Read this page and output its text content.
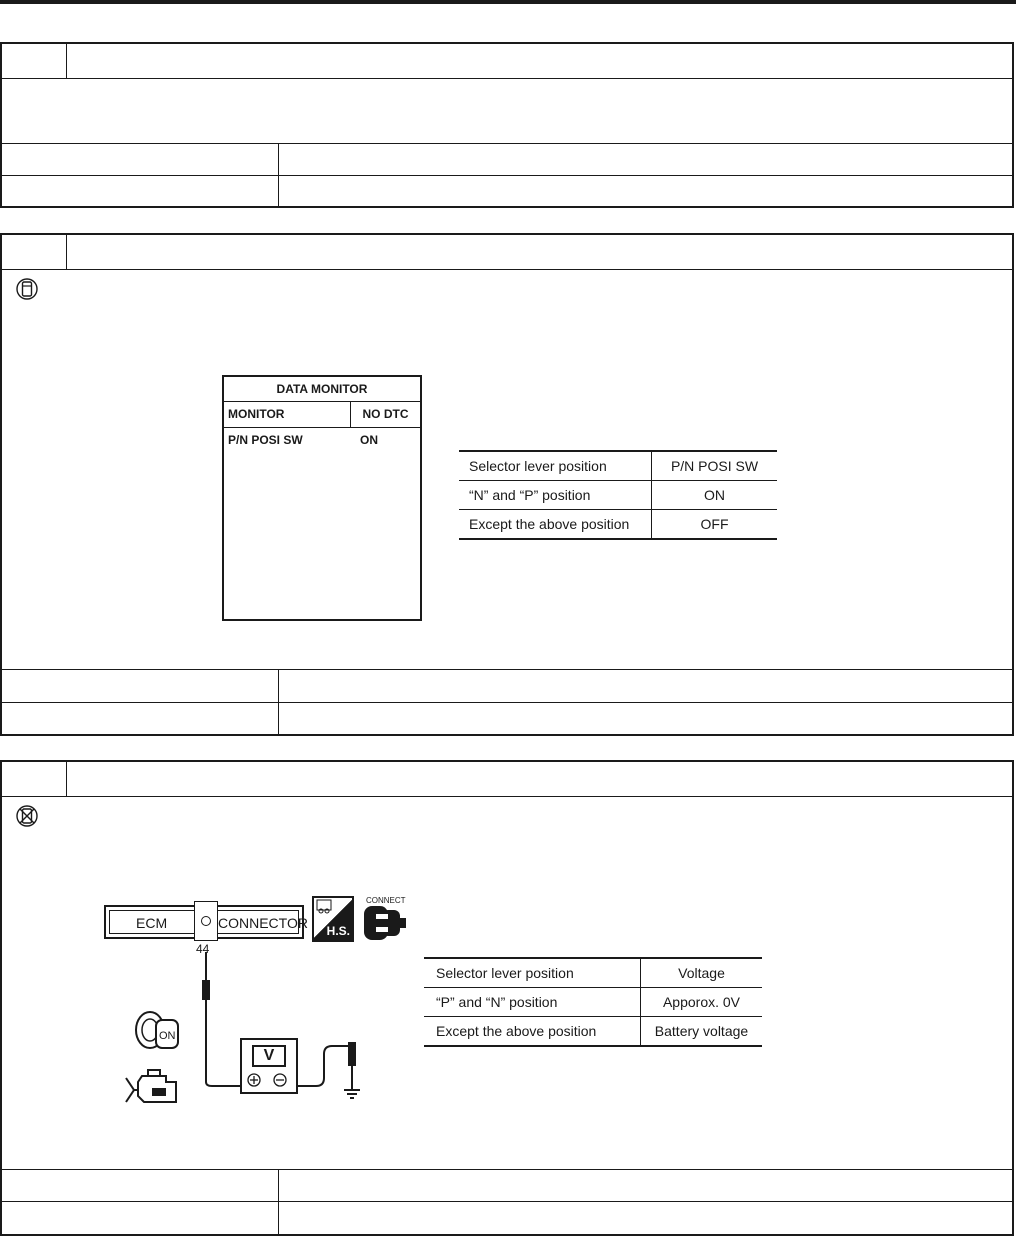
DATA MONITOR
MONITOR	NO DTC
P/N POSI SW	ON
Selector lever position	P/N POSI SW
“N” and “P” position	ON
Except the above position	OFF
ECM	CONNECTOR
44
H.S.
CONNECT
V
ON
Selector lever position	Voltage
“P” and “N” position	Apporox. 0V
Except the above position	Battery voltage
